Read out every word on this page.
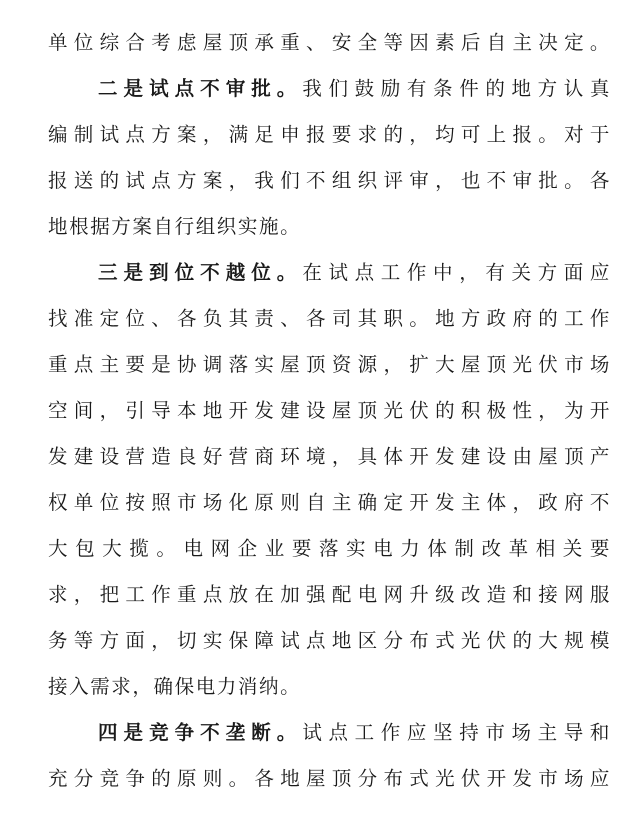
单位综合考虑屋顶承重、安全等因素后自主决定。
二是试点不审批。我们鼓励有条件的地方认真
编制试点方案，满足申报要求的，均可上报。对于
报送的试点方案，我们不组织评审，也不审批。各
地根据方案自行组织实施。
三是到位不越位。在试点工作中，有关方面应
找准定位、各负其责、各司其职。地方政府的工作
重点主要是协调落实屋顶资源，扩大屋顶光伏市场
空间，引导本地开发建设屋顶光伏的积极性，为开
发建设营造良好营商环境，具体开发建设由屋顶产
权单位按照市场化原则自主确定开发主体，政府不
大包大揽。电网企业要落实电力体制改革相关要
求，把工作重点放在加强配电网升级改造和接网服
务等方面，切实保障试点地区分布式光伏的大规模
接入需求，确保电力消纳。
四是竞争不垄断。试点工作应坚持市场主导和
充分竞争的原则。各地屋顶分布式光伏开发市场应
